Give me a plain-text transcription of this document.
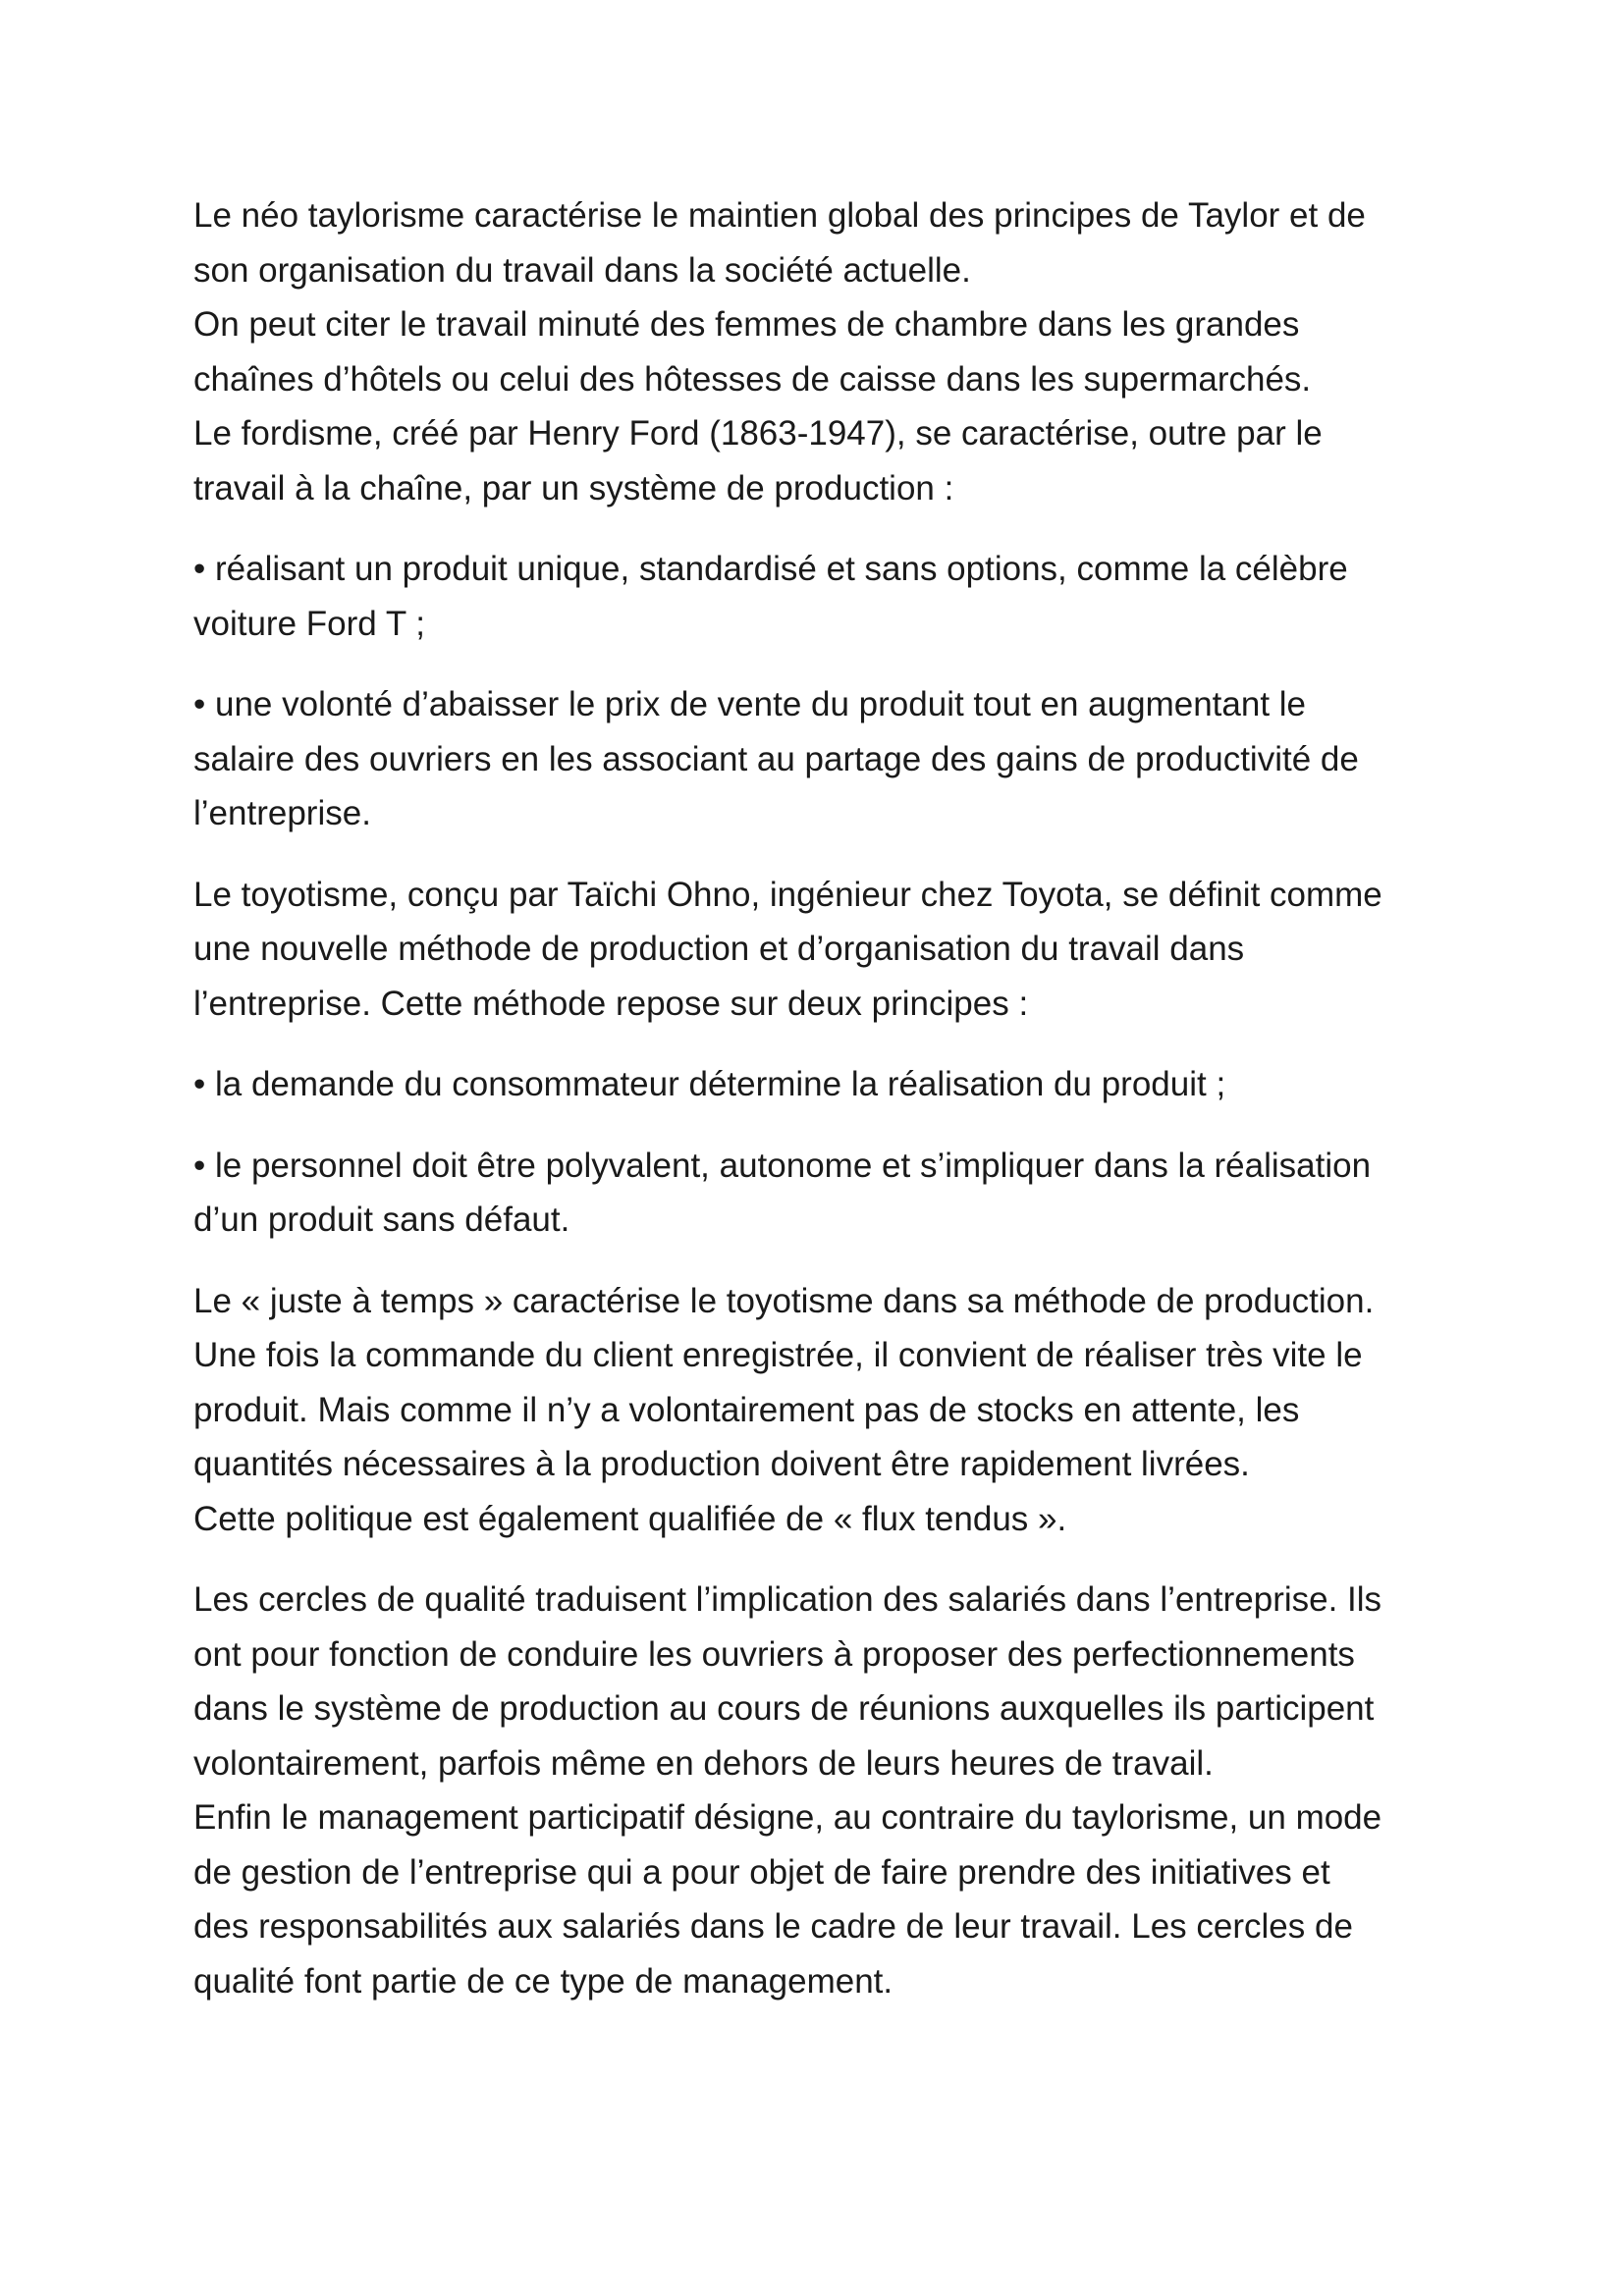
Le néo taylorisme caractérise le maintien global des principes de Taylor et de
son organisation du travail dans la société actuelle.
On peut citer le travail minuté des femmes de chambre dans les grandes
chaînes d’hôtels ou celui des hôtesses de caisse dans les supermarchés.
Le fordisme, créé par Henry Ford (1863-1947), se caractérise, outre par le
travail à la chaîne, par un système de production :

• réalisant un produit unique, standardisé et sans options, comme la célèbre
voiture Ford T ;

• une volonté d’abaisser le prix de vente du produit tout en augmentant le
salaire des ouvriers en les associant au partage des gains de productivité de
l’entreprise.

Le toyotisme, conçu par Taïchi Ohno, ingénieur chez Toyota, se définit comme
une nouvelle méthode de production et d’organisation du travail dans
l’entreprise. Cette méthode repose sur deux principes :

• la demande du consommateur détermine la réalisation du produit ;

• le personnel doit être polyvalent, autonome et s’impliquer dans la réalisation
d’un produit sans défaut.

Le « juste à temps » caractérise le toyotisme dans sa méthode de production.
Une fois la commande du client enregistrée, il convient de réaliser très vite le
produit. Mais comme il n’y a volontairement pas de stocks en attente, les
quantités nécessaires à la production doivent être rapidement livrées.
Cette politique est également qualifiée de « flux tendus ».

Les cercles de qualité traduisent l’implication des salariés dans l’entreprise. Ils
ont pour fonction de conduire les ouvriers à proposer des perfectionnements
dans le système de production au cours de réunions auxquelles ils participent
volontairement, parfois même en dehors de leurs heures de travail.
Enfin le management participatif désigne, au contraire du taylorisme, un mode
de gestion de l’entreprise qui a pour objet de faire prendre des initiatives et
des responsabilités aux salariés dans le cadre de leur travail. Les cercles de
qualité font partie de ce type de management.
